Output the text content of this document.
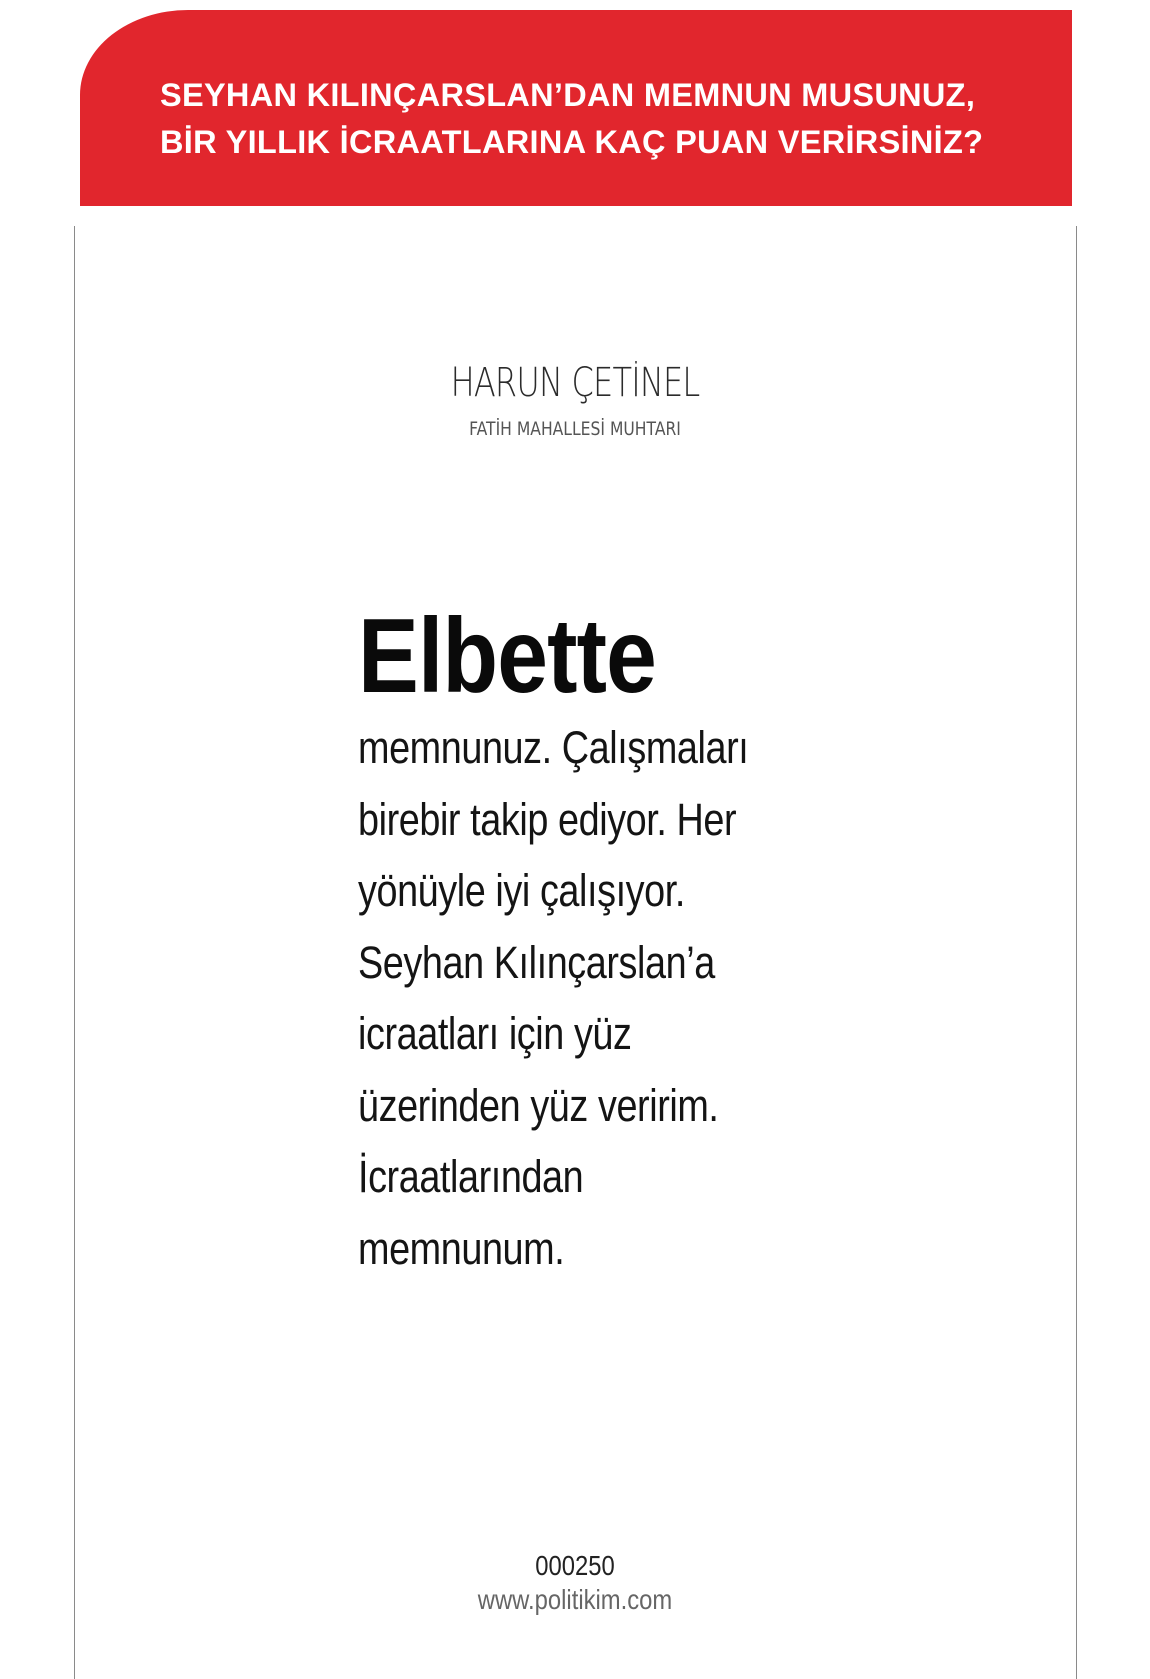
SEYHAN KILINÇARSLAN’DAN MEMNUN MUSUNUZ,
BİR YILLIK İCRAATLARINA KAÇ PUAN VERİRSİNİZ?
HARUN ÇETİNEL
FATİH MAHALLESİ MUHTARI
Elbette
memnunuz. Çalışmaları
birebir takip ediyor. Her
yönüyle iyi çalışıyor.
Seyhan Kılınçarslan’a
icraatları için yüz
üzerinden yüz veririm.
İcraatlarından
memnunum.
000250
www.politikim.com
